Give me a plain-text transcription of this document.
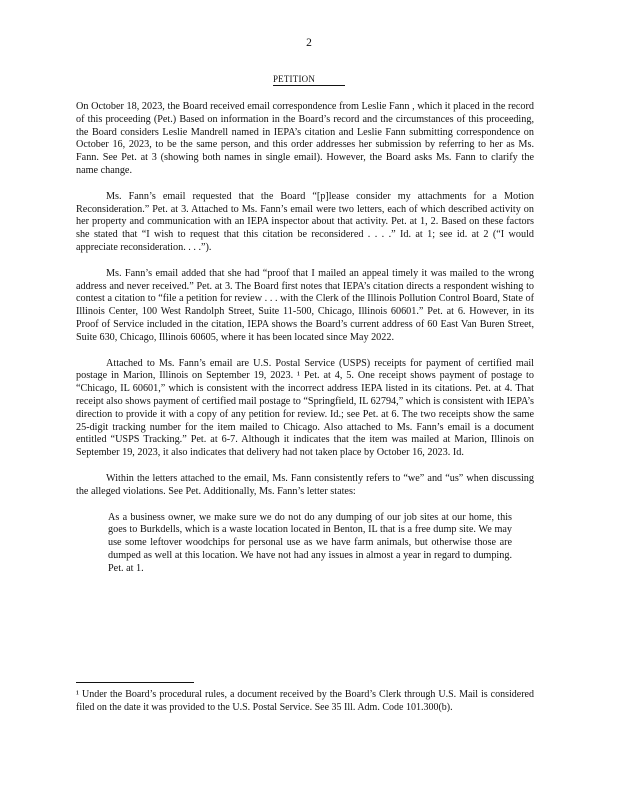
2
PETITION

On October 18, 2023, the Board received email correspondence from Leslie Fann , which it placed in the record of this proceeding (Pet.) Based on information in the Board’s record and the circumstances of this proceeding, the Board considers Leslie Mandrell named in IEPA’s citation and Leslie Fann submitting correspondence on October 16, 2023, to be the same person, and this order addresses her submission by referring to her as Ms. Fann. See Pet. at 3 (showing both names in single email). However, the Board asks Ms. Fann to clarify the name change.

Ms. Fann’s email requested that the Board “[p]lease consider my attachments for a Motion Reconsideration.” Pet. at 3. Attached to Ms. Fann’s email were two letters, each of which described activity on her property and communication with an IEPA inspector about that activity. Pet. at 1, 2. Based on these factors she stated that “I wish to request that this citation be reconsidered . . . .” Id. at 1; see id. at 2 (“I would appreciate reconsideration. . . .”).

Ms. Fann’s email added that she had “proof that I mailed an appeal timely it was mailed to the wrong address and never received.” Pet. at 3. The Board first notes that IEPA’s citation directs a respondent wishing to contest a citation to “file a petition for review . . . with the Clerk of the Illinois Pollution Control Board, State of Illinois Center, 100 West Randolph Street, Suite 11-500, Chicago, Illinois 60601.” Pet. at 6. However, in its Proof of Service included in the citation, IEPA shows the Board’s current address of 60 East Van Buren Street, Suite 630, Chicago, Illinois 60605, where it has been located since May 2022.

Attached to Ms. Fann’s email are U.S. Postal Service (USPS) receipts for payment of certified mail postage in Marion, Illinois on September 19, 2023. ¹ Pet. at 4, 5. One receipt shows payment of postage to “Chicago, IL 60601,” which is consistent with the incorrect address IEPA listed in its citations. Pet. at 4. That receipt also shows payment of certified mail postage to “Springfield, IL 62794,” which is consistent with IEPA’s direction to provide it with a copy of any petition for review. Id.; see Pet. at 6. The two receipts show the same 25-digit tracking number for the item mailed to Chicago. Also attached to Ms. Fann’s email is a document entitled “USPS Tracking.” Pet. at 6-7. Although it indicates that the item was mailed at Marion, Illinois on September 19, 2023, it also indicates that delivery had not taken place by October 16, 2023. Id.

Within the letters attached to the email, Ms. Fann consistently refers to “we” and “us” when discussing the alleged violations. See Pet. Additionally, Ms. Fann’s letter states:

As a business owner, we make sure we do not do any dumping of our job sites at our home, this goes to Burkdells, which is a waste location located in Benton, IL that is a free dump site. We may use some leftover woodchips for personal use as we have farm animals, but otherwise those are dumped as well at this location. We have not had any issues in almost a year in regard to dumping. Pet. at 1.

¹ Under the Board’s procedural rules, a document received by the Board’s Clerk through U.S. Mail is considered filed on the date it was provided to the U.S. Postal Service. See 35 Ill. Adm. Code 101.300(b).
